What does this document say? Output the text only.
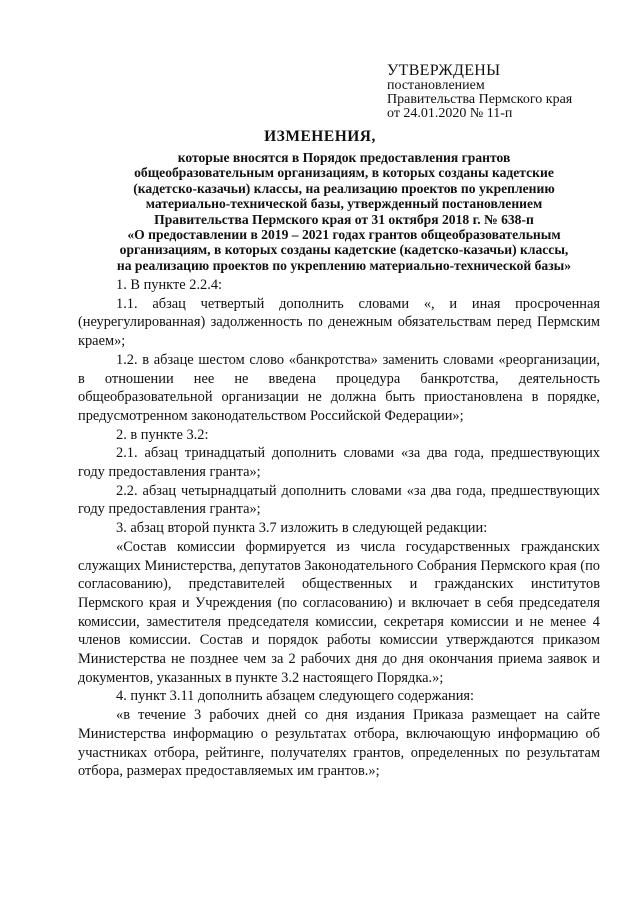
УТВЕРЖДЕНЫ
постановлением
Правительства Пермского края
от 24.01.2020 № 11-п
ИЗМЕНЕНИЯ,
которые вносятся в Порядок предоставления грантов
общеобразовательным организациям, в которых созданы кадетские
(кадетско-казачьи) классы, на реализацию проектов по укреплению
материально-технической базы, утвержденный постановлением
Правительства Пермского края от 31 октября 2018 г. № 638-п
«О предоставлении в 2019 – 2021 годах грантов общеобразовательным
организациям, в которых созданы кадетские (кадетско-казачьи) классы,
на реализацию проектов по укреплению материально-технической базы»

1. В пункте 2.2.4:

1.1. абзац четвертый дополнить словами «, и иная просроченная (неурегулированная) задолженность по денежным обязательствам перед Пермским краем»;

1.2. в абзаце шестом слово «банкротства» заменить словами «реорганизации, в отношении нее не введена процедура банкротства, деятельность общеобразовательной организации не должна быть приостановлена в порядке, предусмотренном законодательством Российской Федерации»;

2. в пункте 3.2:

2.1. абзац тринадцатый дополнить словами «за два года, предшествующих году предоставления гранта»;

2.2. абзац четырнадцатый дополнить словами «за два года, предшествующих году предоставления гранта»;

3. абзац второй пункта 3.7 изложить в следующей редакции:

«Состав комиссии формируется из числа государственных гражданских служащих Министерства, депутатов Законодательного Собрания Пермского края (по согласованию), представителей общественных и гражданских институтов Пермского края и Учреждения (по согласованию) и включает в себя председателя комиссии, заместителя председателя комиссии, секретаря комиссии и не менее 4 членов комиссии. Состав и порядок работы комиссии утверждаются приказом Министерства не позднее чем за 2 рабочих дня до дня окончания приема заявок и документов, указанных в пункте 3.2 настоящего Порядка.»;

4. пункт 3.11 дополнить абзацем следующего содержания:

«в течение 3 рабочих дней со дня издания Приказа размещает на сайте Министерства информацию о результатах отбора, включающую информацию об участниках отбора, рейтинге, получателях грантов, определенных по результатам отбора, размерах предоставляемых им грантов.»;
